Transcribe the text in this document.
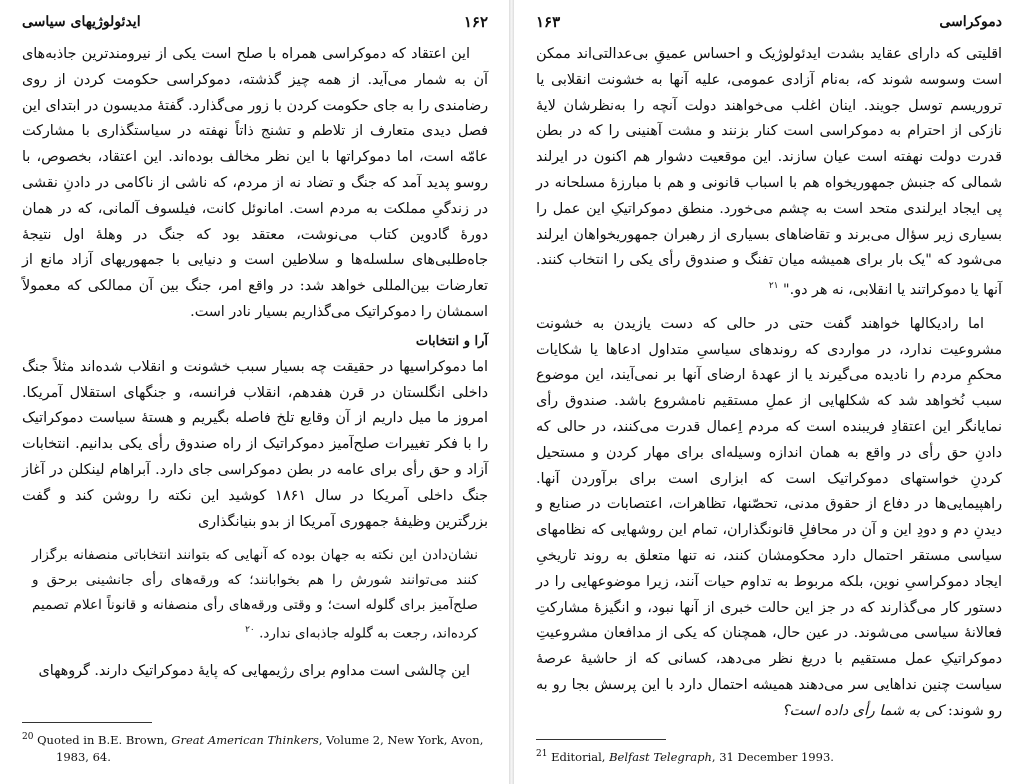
۱۶۲
ایدئولوژیهای سیاسی

این اعتقاد که دموکراسی همراه با صلح است یکی از نیرومندترین جاذبه‌های آن به شمار می‌آید. از همه چیز گذشته، دموکراسی حکومت کردن از روی رضامندی را به جای حکومت کردن با زور می‌گذارد. گفتهٔ مدیسون در ابتدای این فصل دیدی متعارف از تلاطم و تشنج ذاتاً نهفته در سیاستگذاری با مشارکت عامّه است، اما دموکراتها با این نظر مخالف بوده‌اند. این اعتقاد، بخصوص، با روسو پدید آمد که جنگ و تضاد نه از مردم، که ناشی از ناکامی در دادنِ نقشی در زندگیِ مملکت به مردم است. امانوئل کانت، فیلسوف آلمانی، که در همان دورهٔ گادوین کتاب می‌نوشت، معتقد بود که جنگ در وهلهٔ اول نتیجهٔ جاه‌طلبی‌های سلسله‌ها و سلاطین است و دنیایی با جمهوریهای آزاد مانع از تعارضات بین‌المللی خواهد شد: در واقع امر، جنگ بین آن ممالکی که معمولاً اسمشان را دموکراتیک می‌گذاریم بسیار نادر است.

آرا و انتخابات

اما دموکراسیها در حقیقت چه بسیار سبب خشونت و انقلاب شده‌اند مثلاً جنگ داخلی انگلستان در قرن هفدهم، انقلاب فرانسه، و جنگهای استقلال آمریکا. امروز ما میل داریم از آن وقایع تلخ فاصله بگیریم و هستهٔ سیاست دموکراتیک را با فکر تغییرات صلح‌آمیز دموکراتیک از راه صندوق رأی یکی بدانیم. انتخابات آزاد و حق رأی برای عامه در بطن دموکراسی جای دارد. آبراهام لینکلن در آغاز جنگ داخلی آمریکا در سال ۱۸۶۱ کوشید این نکته را روشن کند و گفت بزرگترین وظیفهٔ جمهوری آمریکا از بدو بنیانگذاری

نشان‌دادن این نکته به جهان بوده که آنهایی که بتوانند انتخاباتی منصفانه برگزار کنند می‌توانند شورش را هم بخوابانند؛ که ورقه‌های رأی جانشینی برحق و صلح‌آمیز برای گلوله است؛ و وقتی ورقه‌های رأی منصفانه و قانوناً اعلام تصمیم کرده‌اند، رجعت به گلوله جاذبه‌ای ندارد. $^{۲۰}$

این چالشی است مداوم برای رژیمهایی که پایهٔ دموکراتیک دارند. گروههای

$^{20}$ Quoted in B.E. Brown, Great American Thinkers, Volume 2, New York, Avon,
1983, 64.
دموکراسی
۱۶۳

اقلیتی که دارای عقاید بشدت ایدئولوژیک و احساس عمیقِ بی‌عدالتی‌اند ممکن است وسوسه شوند که، به‌نام آزادی عمومی، علیه آنها به خشونت انقلابی یا تروریسم توسل جویند. اینان اغلب می‌خواهند دولت آنچه را به‌نظرشان لایهٔ نازکی از احترام به دموکراسی است کنار بزنند و مشت آهنینی را که در بطن قدرت دولت نهفته است عیان سازند. این موقعیت دشوار هم اکنون در ایرلند شمالی که جنبش جمهوریخواه هم با اسباب قانونی و هم با مبارزهٔ مسلحانه در پی ایجاد ایرلندی متحد است به چشم می‌خورد. منطق دموکراتیکِ این عمل را بسیاری زیر سؤال می‌برند و تقاضاهای بسیاری از رهبران جمهوریخواهان ایرلند می‌شود که "یک بار برای همیشه میان تفنگ و صندوق رأی یکی را انتخاب کنند. آنها یا دموکراتند یا انقلابی، نه هر دو." $^{۲۱}$

اما رادیکالها خواهند گفت حتی در حالی که دست یازیدن به خشونت مشروعیت ندارد، در مواردی که روندهای سیاسیِ متداول ادعاها یا شکایات محکمِ مردم را نادیده می‌گیرند یا از عهدهٔ ارضای آنها بر نمی‌آیند، این موضوع سبب نُخواهد شد که شکلهایی از عملِ مستقیم نامشروع باشد. صندوق رأی نمایانگر این اعتقادِ فریبنده است که مردم اِعمال قدرت می‌کنند، در حالی که دادنِ حق رأی در واقع به همان اندازه وسیله‌ای برای مهار کردن و مستحیل کردنِ خواستهای دموکراتیک است که ابزاری است برای برآوردن آنها. راهپیمایی‌ها در دفاع از حقوق مدنی، تحصّنها، تظاهرات، اعتصابات در صنایع و دیدنِ دم و دودِ این و آن در محافلِ قانونگذاران، تمام این روشهایی که نظامهای سیاسی مستقر احتمال دارد محکومشان کنند، نه تنها متعلق به روند تاریخیِ ایجاد دموکراسیِ نوین، بلکه مربوط به تداوم حیات آنند، زیرا موضوعهایی را در دستور کار می‌گذارند که در جز این حالت خبری از آنها نبود، و انگیزهٔ مشارکتِ فعالانهٔ سیاسی می‌شوند. در عین حال، همچنان که یکی از مدافعان مشروعیتِ دموکراتیکِ عمل مستقیم با دریغ نظر می‌دهد، کسانی که از حاشیهٔ عرصهٔ سیاست چنین نداهایی سر می‌دهند همیشه احتمال دارد با این پرسش بجا رو به رو شوند: کی به شما رأی داده است؟

$^{21}$ Editorial, Belfast Telegraph, 31 December 1993.
